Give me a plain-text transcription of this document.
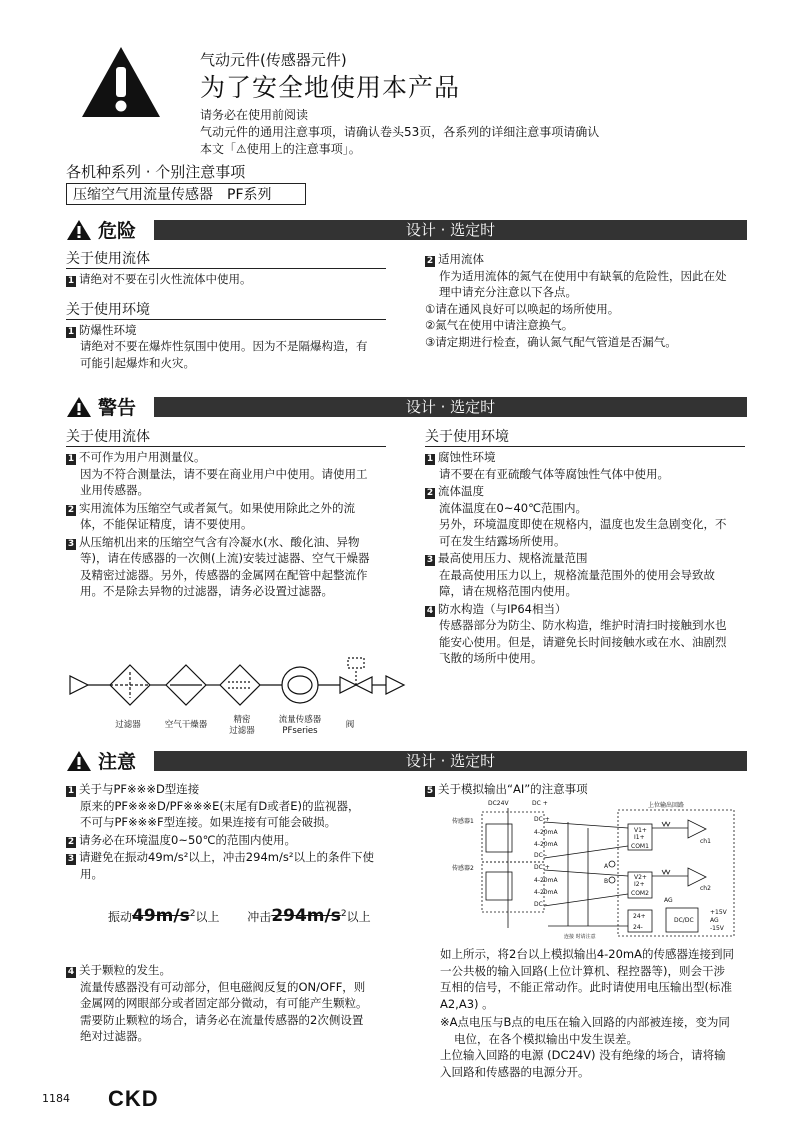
气动元件(传感器元件)
为了安全地使用本产品
请务必在使用前阅读
气动元件的通用注意事项，请确认卷头53页，各系列的详细注意事项请确认
本文「⚠使用上的注意事项」。
各机种系列 · 个别注意事项
压缩空气用流量传感器　PF系列
危险	设计 · 选定时
关于使用流体
1 请绝对不要在引火性流体中使用。
关于使用环境
1 防爆性环境
请绝对不要在爆炸性氛围中使用。因为不是隔爆构造，有
可能引起爆炸和火灾。
2 适用流体
作为适用流体的氮气在使用中有缺氧的危险性，因此在处
理中请充分注意以下各点。
①请在通风良好可以唤起的场所使用。
②氮气在使用中请注意换气。
③请定期进行检查，确认氮气配气管道是否漏气。
警告	设计 · 选定时
关于使用流体
1 不可作为用户用测量仪。
因为不符合测量法，请不要在商业用户中使用。请使用工
业用传感器。
2 实用流体为压缩空气或者氮气。如果使用除此之外的流
体，不能保证精度，请不要使用。
3 从压缩机出来的压缩空气含有冷凝水(水、酸化油、异物
等)，请在传感器的一次侧(上流)安装过滤器、空气干燥器
及精密过滤器。另外，传感器的金属网在配管中起整流作
用。不是除去异物的过滤器，请务必设置过滤器。
关于使用环境
1 腐蚀性环境
请不要在有亚硫酸气体等腐蚀性气体中使用。
2 流体温度
流体温度在0~40℃范围内。
另外，环境温度即使在规格内，温度也发生急剧变化，不
可在发生结露场所使用。
3 最高使用压力、规格流量范围
在最高使用压力以上，规格流量范围外的使用会导致故
障，请在规格范围内使用。
4 防水构造（与IP64相当）
传感器部分为防尘、防水构造，维护时清扫时接触到水也
能安心使用。但是，请避免长时间接触水或在水、油剧烈
飞散的场所中使用。
过滤器	空气干燥器	精密
过滤器
流量传感器
PFseries
阀
注意	设计 · 选定时
1 关于与PF※※※D型连接
原来的PF※※※D/PF※※※E(末尾有D或者E)的监视器，
不可与PF※※※F型连接。如果连接有可能会破损。
2 请务必在环境温度0~50℃的范围内使用。
3 请避免在振动49m/s²以上，冲击294m/s²以上的条件下使
用。
振动$49m/s^2$以上 冲击$294m/s^2$以上
4 关于颗粒的发生。
流量传感器没有可动部分，但电磁阀反复的ON/OFF，则
金属网的网眼部分或者固定部分微动，有可能产生颗粒。
需要防止颗粒的场合，请务必在流量传感器的2次侧设置
绝对过滤器。
5 关于模拟输出“AI”的注意事项
DC24V	DC +	上位输出回路
传感器1
传感器2
DC +
4-20mA
4-20mA
DC -
DC +
4-20mA
4-20mA
DC -
V1+
I1+
COM1
V2+
I2+
COM2
ch1
ch2
24+
24-
AG
DC/DC
+15V
AG
-15V
A
B
连接 时请注意
如上所示，将2台以上模拟输出4-20mA的传感器连接到同
一公共极的输入回路(上位计算机、程控器等)，则会干涉
互相的信号，不能正常动作。此时请使用电压输出型(标准
A2,A3) 。
※A点电压与B点的电压在输入回路的内部被连接，变为同
电位，在各个模拟输出中发生误差。
上位输入回路的电源 (DC24V) 没有绝缘的场合，请将输
入回路和传感器的电源分开。
1184 CKD
